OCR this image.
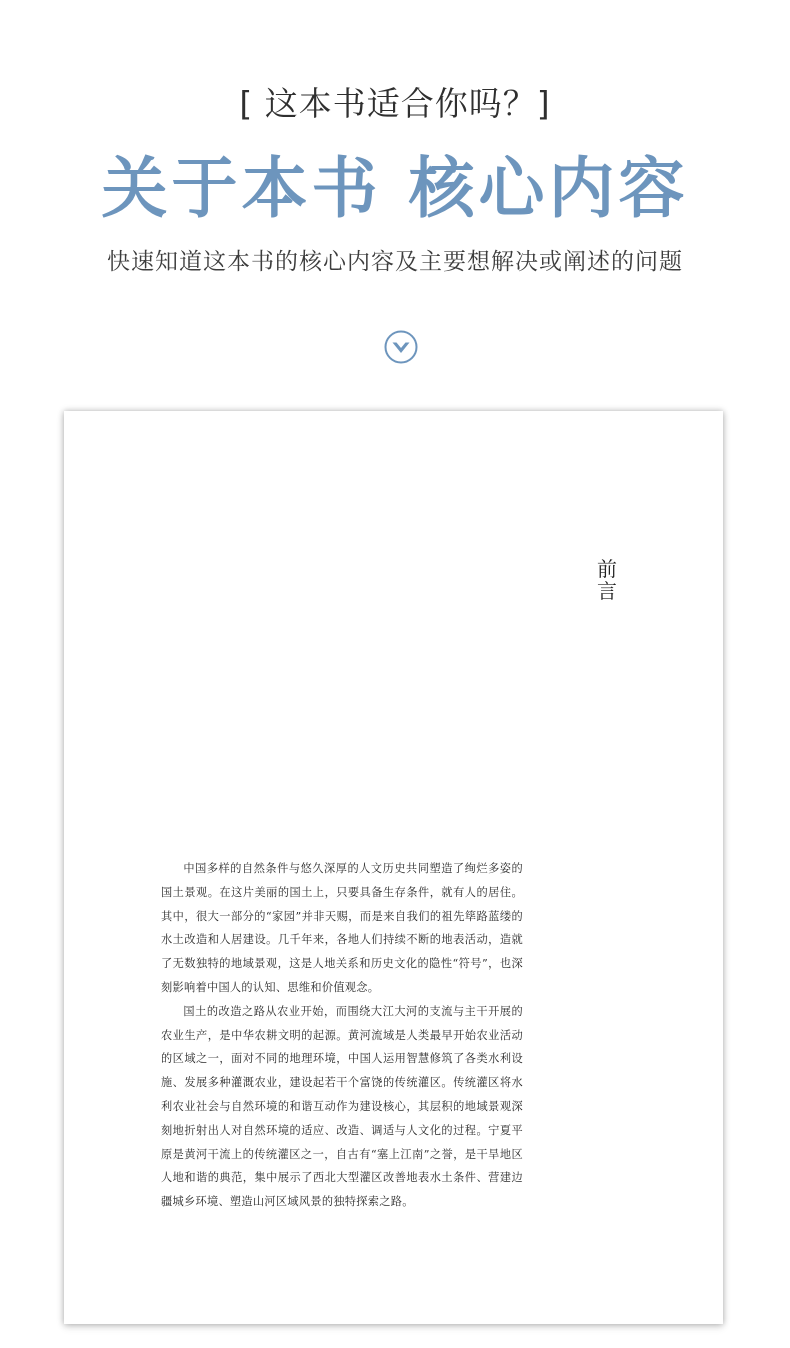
[ 这本书适合你吗？]
关于本书 核心内容
快速知道这本书的核心内容及主要想解决或阐述的问题
前言

中国多样的自然条件与悠久深厚的人文历史共同塑造了绚烂多姿的国土景观。在这片美丽的国土上，只要具备生存条件，就有人的居住。其中，很大一部分的“家园”并非天赐，而是来自我们的祖先筚路蓝缕的水土改造和人居建设。几千年来，各地人们持续不断的地表活动，造就了无数独特的地域景观，这是人地关系和历史文化的隐性“符号”，也深刻影响着中国人的认知、思维和价值观念。

国土的改造之路从农业开始，而围绕大江大河的支流与主干开展的农业生产，是中华农耕文明的起源。黄河流域是人类最早开始农业活动的区域之一，面对不同的地理环境，中国人运用智慧修筑了各类水利设施、发展多种灌溉农业，建设起若干个富饶的传统灌区。传统灌区将水利农业社会与自然环境的和谐互动作为建设核心，其层积的地域景观深刻地折射出人对自然环境的适应、改造、调适与人文化的过程。宁夏平原是黄河干流上的传统灌区之一，自古有“塞上江南”之誉，是干旱地区人地和谐的典范，集中展示了西北大型灌区改善地表水土条件、营建边疆城乡环境、塑造山河区域风景的独特探索之路。
